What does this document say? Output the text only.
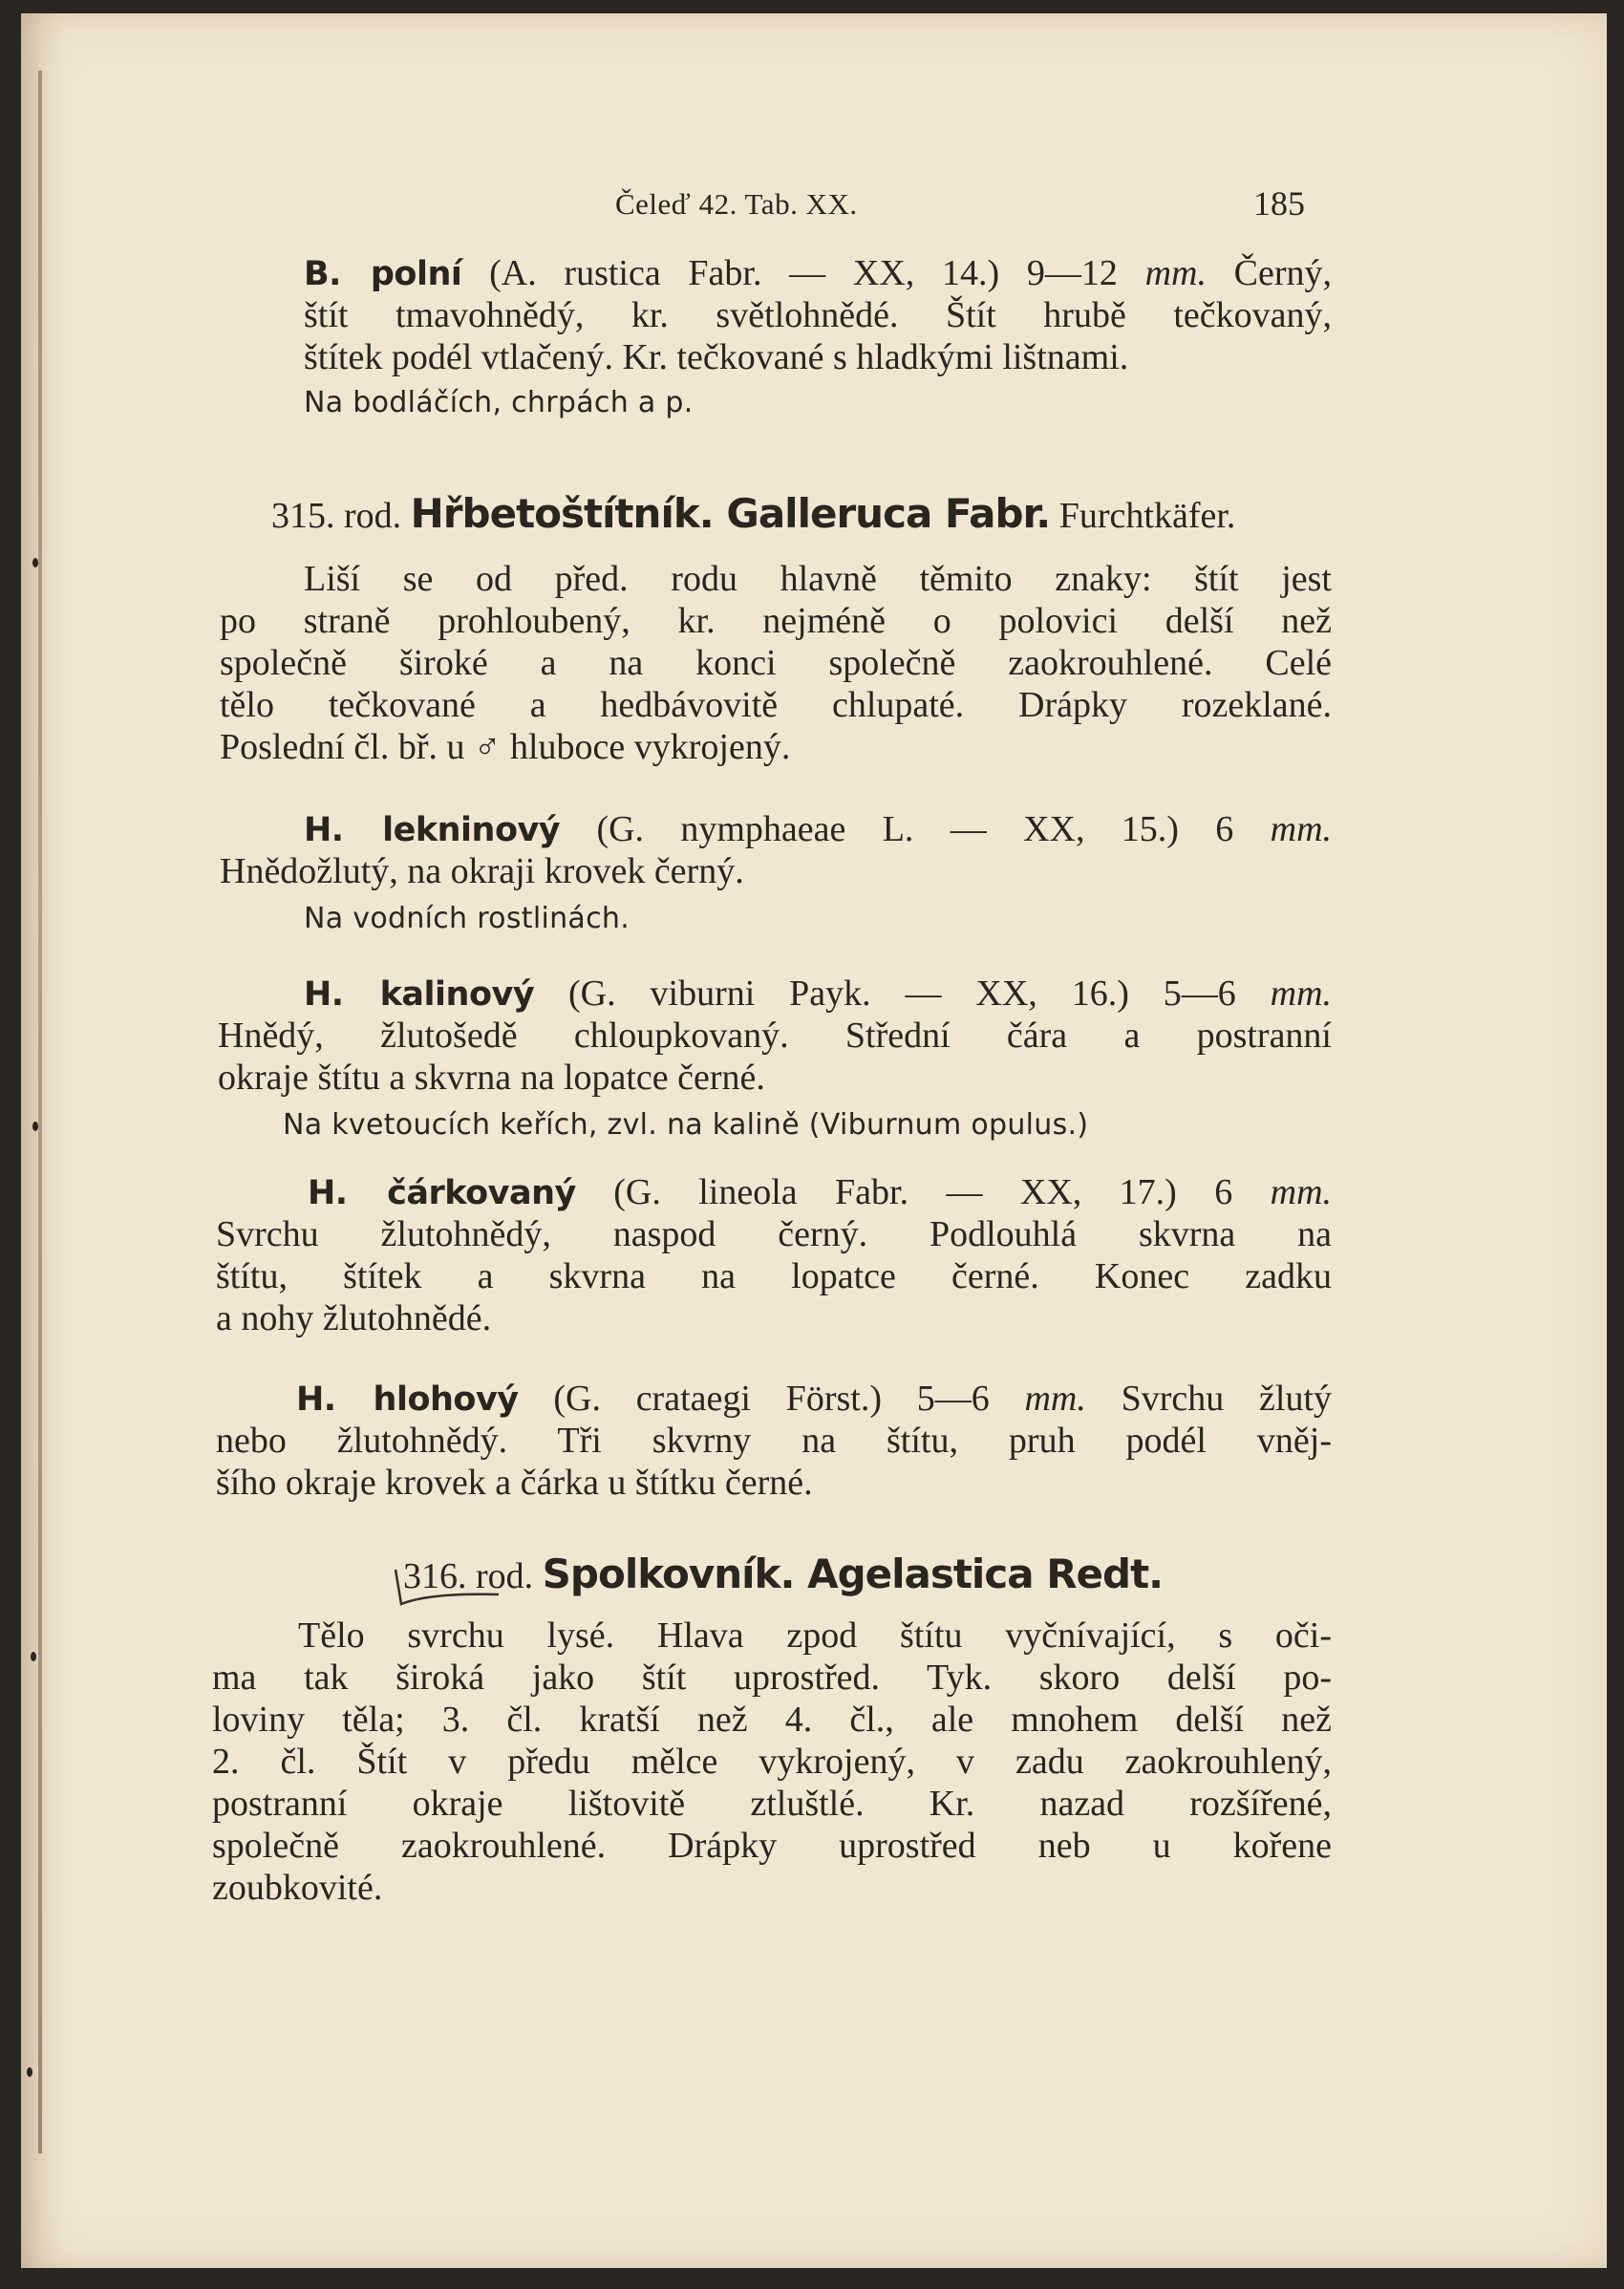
Čeleď 42. Tab. XX.	185
B. polní (A. rustica Fabr. — XX, 14.) 9—12 mm. Černý,
štít tmavohnědý, kr. světlohnědé. Štít hrubě tečkovaný,
štítek podél vtlačený. Kr. tečkované s hladkými lištnami.
Na bodláčích, chrpách a p.
315. rod. Hřbetoštítník. Galleruca Fabr. Furchtkäfer.
Liší se od před. rodu hlavně těmito znaky: štít jest
po straně prohloubený, kr. nejméně o polovici delší než
společně široké a na konci společně zaokrouhlené. Celé
tělo tečkované a hedbávovitě chlupaté. Drápky rozeklané.
Poslední čl. bř. u ♂ hluboce vykrojený.
H. lekninový (G. nymphaeae L. — XX, 15.) 6 mm.
Hnědožlutý, na okraji krovek černý.
Na vodních rostlinách.
H. kalinový (G. viburni Payk. — XX, 16.) 5—6 mm.
Hnědý, žlutošedě chloupkovaný. Střední čára a postranní
okraje štítu a skvrna na lopatce černé.
Na kvetoucích keřích, zvl. na kalině (Viburnum opulus.)
H. čárkovaný (G. lineola Fabr. — XX, 17.) 6 mm.
Svrchu žlutohnědý, naspod černý. Podlouhlá skvrna na
štítu, štítek a skvrna na lopatce černé. Konec zadku
a nohy žlutohnědé.
H. hlohový (G. crataegi Först.) 5—6 mm. Svrchu žlutý
nebo žlutohnědý. Tři skvrny na štítu, pruh podél vněj-
šího okraje krovek a čárka u štítku černé.
316. rod. Spolkovník. Agelastica Redt.
Tělo svrchu lysé. Hlava zpod štítu vyčnívající, s oči-
ma tak široká jako štít uprostřed. Tyk. skoro delší po-
loviny těla; 3. čl. kratší než 4. čl., ale mnohem delší než
2. čl. Štít v předu mělce vykrojený, v zadu zaokrouhlený,
postranní okraje lištovitě ztluštlé. Kr. nazad rozšířené,
společně zaokrouhlené. Drápky uprostřed neb u kořene
zoubkovité.
